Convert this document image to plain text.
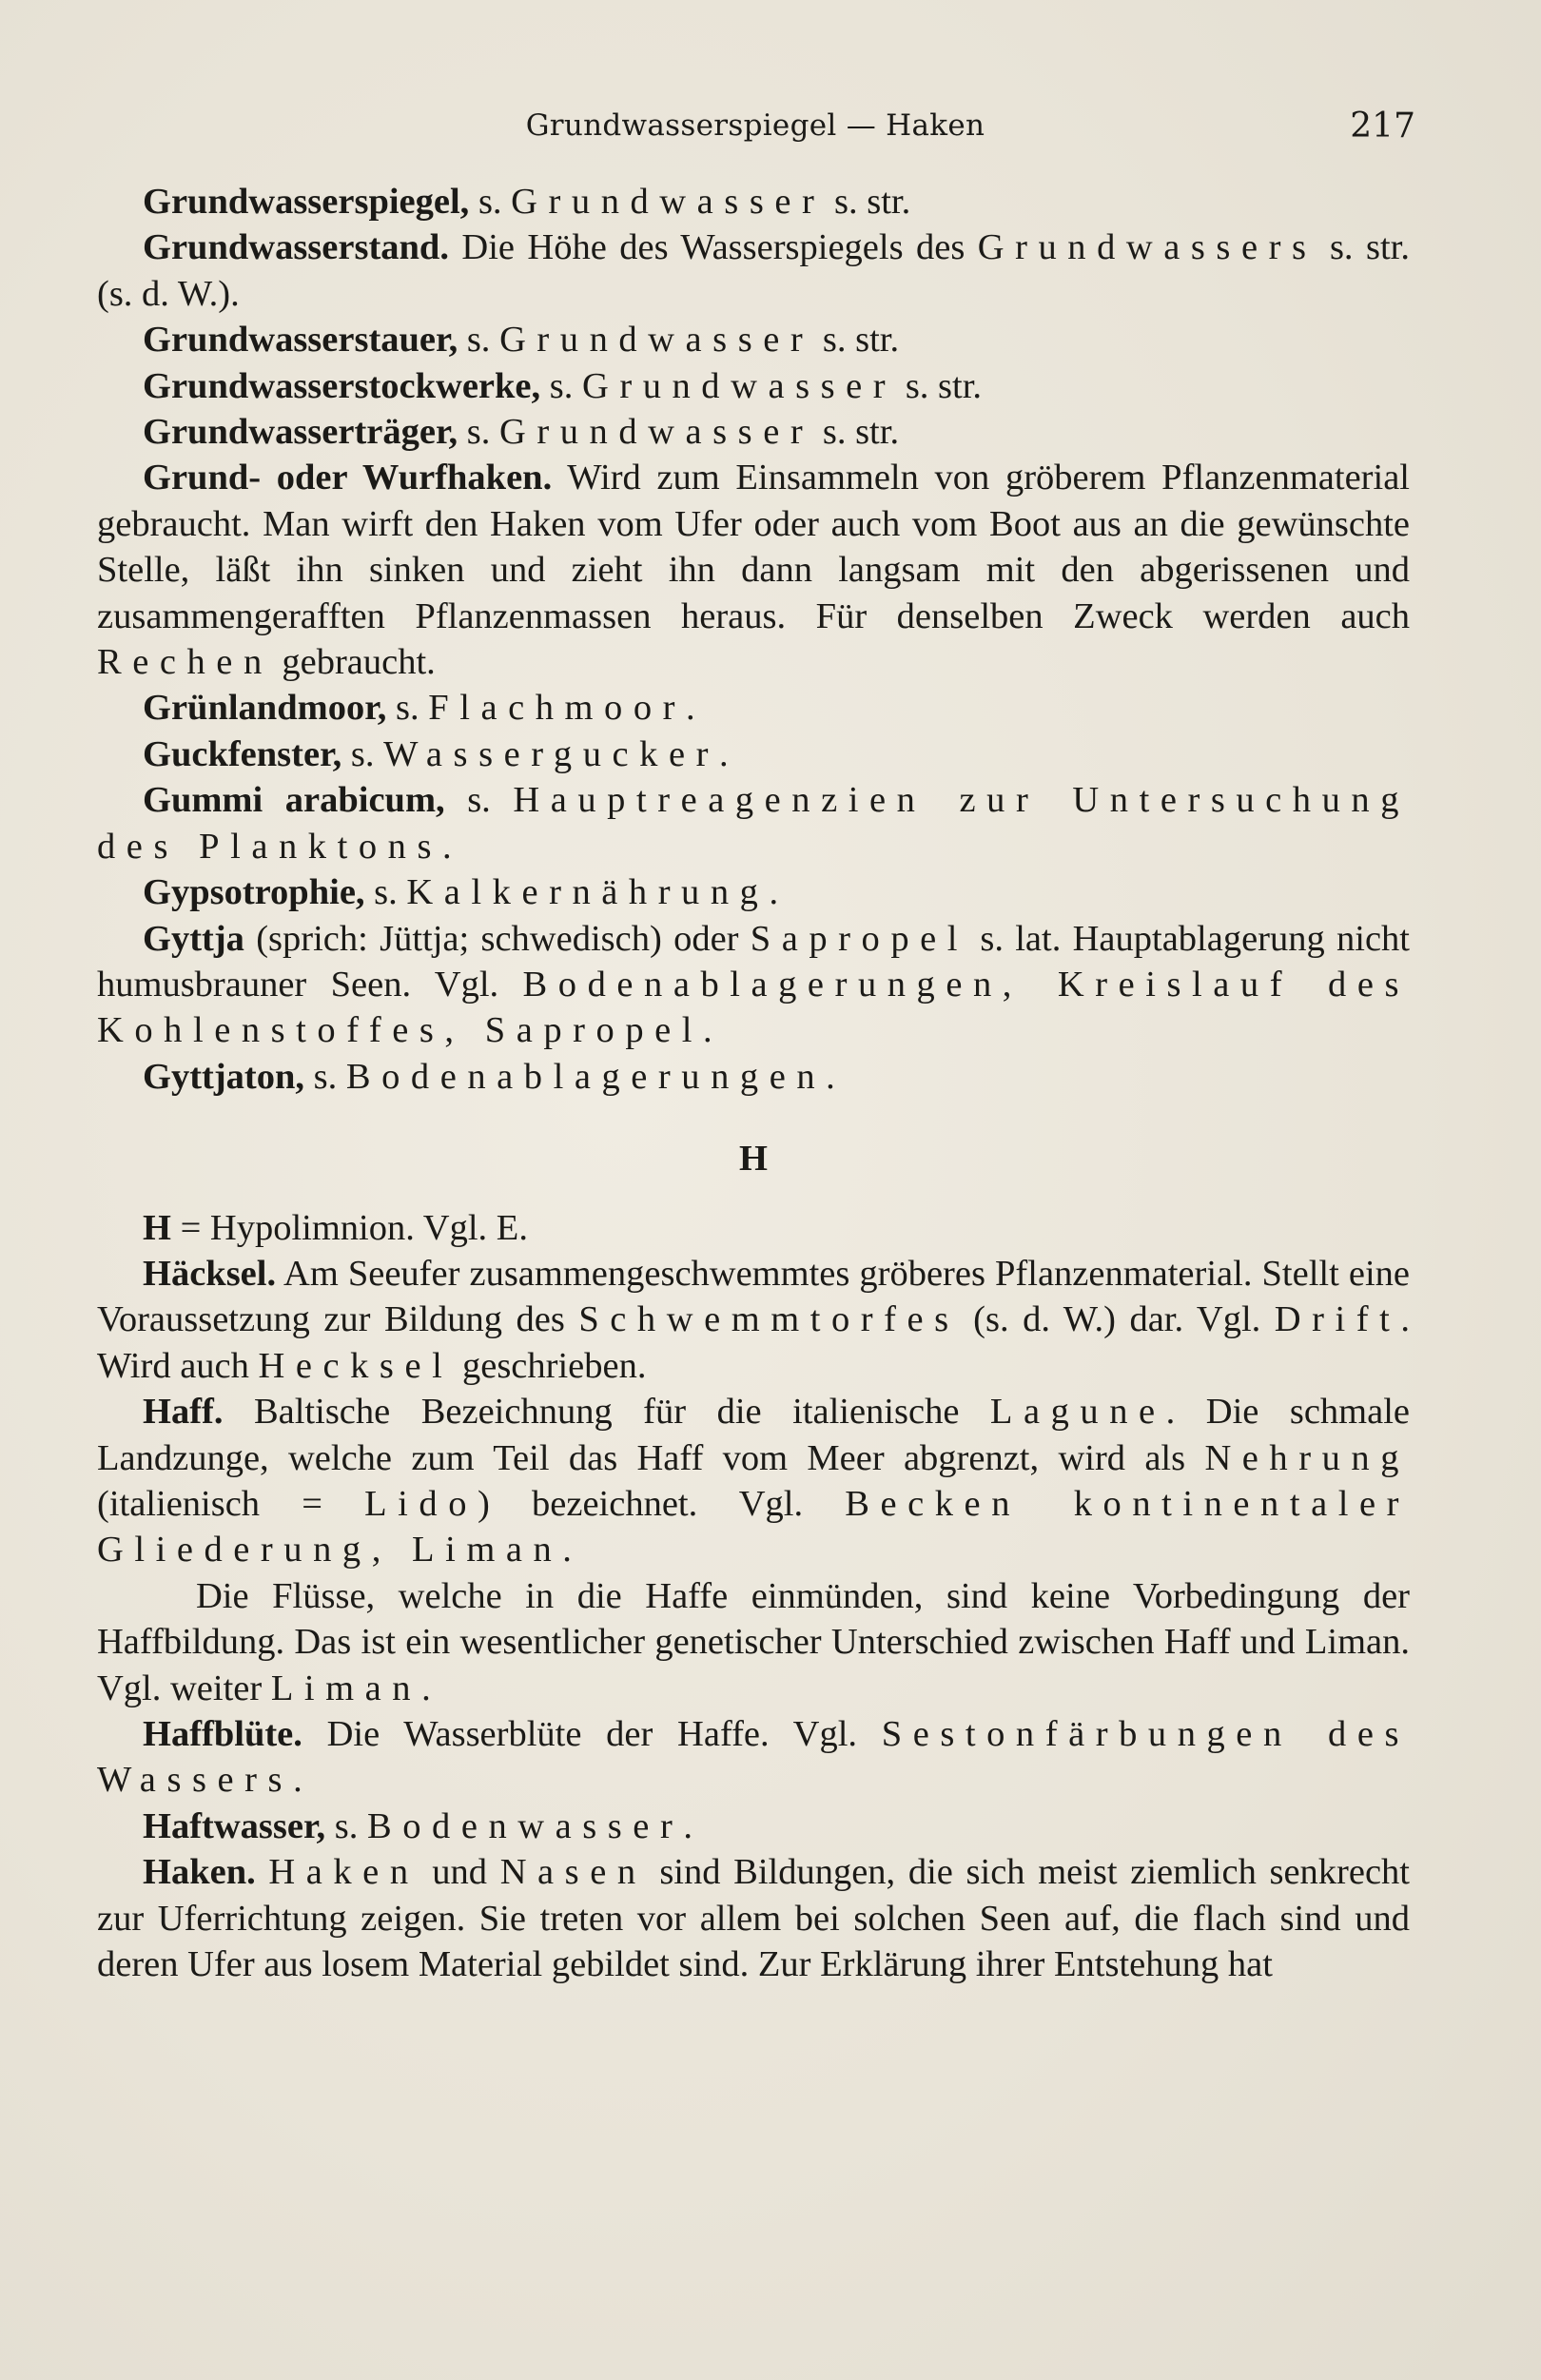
Grundwasserspiegel — Haken	217

Grundwasserspiegel, s. Grundwasser s. str.

Grundwasserstand. Die Höhe des Wasserspiegels des Grundwassers s. str. (s. d. W.).

Grundwasserstauer, s. Grundwasser s. str.

Grundwasserstockwerke, s. Grundwasser s. str.

Grundwasserträger, s. Grundwasser s. str.

Grund- oder Wurfhaken. Wird zum Einsammeln von gröberem Pflanzenmaterial gebraucht. Man wirft den Haken vom Ufer oder auch vom Boot aus an die gewünschte Stelle, läßt ihn sinken und zieht ihn dann langsam mit den abgerissenen und zusammengerafften Pflanzenmassen heraus. Für denselben Zweck werden auch Rechen gebraucht.

Grünlandmoor, s. Flachmoor.

Guckfenster, s. Wassergucker.

Gummi arabicum, s. Hauptreagenzien zur Untersuchung des Planktons.

Gypsotrophie, s. Kalkernährung.

Gyttja (sprich: Jüttja; schwedisch) oder Sapropel s. lat. Hauptablagerung nicht humusbrauner Seen. Vgl. Bodenablagerungen, Kreislauf des Kohlenstoffes, Sapropel.

Gyttjaton, s. Bodenablagerungen.

H

H = Hypolimnion. Vgl. E.

Häcksel. Am Seeufer zusammengeschwemmtes gröberes Pflanzenmaterial. Stellt eine Voraussetzung zur Bildung des Schwemmtorfes (s. d. W.) dar. Vgl. Drift. Wird auch Hecksel geschrieben.

Haff. Baltische Bezeichnung für die italienische Lagune. Die schmale Landzunge, welche zum Teil das Haff vom Meer abgrenzt, wird als Nehrung (italienisch = Lido) bezeichnet. Vgl. Becken kontinentaler Gliederung, Liman.

Die Flüsse, welche in die Haffe einmünden, sind keine Vorbedingung der Haffbildung. Das ist ein wesentlicher genetischer Unterschied zwischen Haff und Liman. Vgl. weiter Liman.

Haffblüte. Die Wasserblüte der Haffe. Vgl. Sestonfärbungen des Wassers.

Haftwasser, s. Bodenwasser.

Haken. Haken und Nasen sind Bildungen, die sich meist ziemlich senkrecht zur Uferrichtung zeigen. Sie treten vor allem bei solchen Seen auf, die flach sind und deren Ufer aus losem Material gebildet sind. Zur Erklärung ihrer Entstehung hat
